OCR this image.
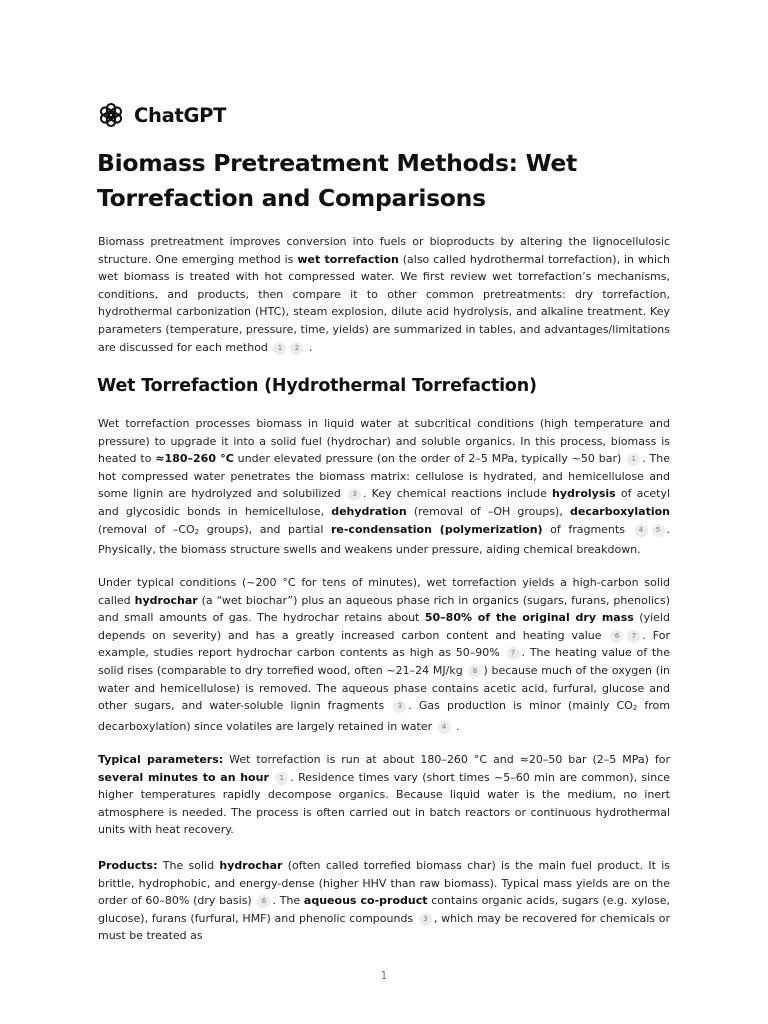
ChatGPT
Biomass Pretreatment Methods: Wet Torrefaction and Comparisons

Biomass pretreatment improves conversion into fuels or bioproducts by altering the lignocellulosic structure. One emerging method is wet torrefaction (also called hydrothermal torrefaction), in which wet biomass is treated with hot compressed water. We first review wet torrefaction’s mechanisms, conditions, and products, then compare it to other common pretreatments: dry torrefaction, hydrothermal carbonization (HTC), steam explosion, dilute acid hydrolysis, and alkaline treatment. Key parameters (temperature, pressure, time, yields) are summarized in tables, and advantages/limitations are discussed for each method 1 2 .

Wet Torrefaction (Hydrothermal Torrefaction)

Wet torrefaction processes biomass in liquid water at subcritical conditions (high temperature and pressure) to upgrade it into a solid fuel (hydrochar) and soluble organics. In this process, biomass is heated to ≈180–260 °C under elevated pressure (on the order of 2–5 MPa, typically ~50 bar) 1 . The hot compressed water penetrates the biomass matrix: cellulose is hydrated, and hemicellulose and some lignin are hydrolyzed and solubilized 3 . Key chemical reactions include hydrolysis of acetyl and glycosidic bonds in hemicellulose, dehydration (removal of –OH groups), decarboxylation (removal of –CO2 groups), and partial re-condensation (polymerization) of fragments 4 5 . Physically, the biomass structure swells and weakens under pressure, aiding chemical breakdown.

Under typical conditions (~200 °C for tens of minutes), wet torrefaction yields a high-carbon solid called hydrochar (a “wet biochar”) plus an aqueous phase rich in organics (sugars, furans, phenolics) and small amounts of gas. The hydrochar retains about 50–80% of the original dry mass (yield depends on severity) and has a greatly increased carbon content and heating value 6 7 . For example, studies report hydrochar carbon contents as high as 50–90% 7 . The heating value of the solid rises (comparable to dry torrefied wood, often ~21–24 MJ/kg 8 ) because much of the oxygen (in water and hemicellulose) is removed. The aqueous phase contains acetic acid, furfural, glucose and other sugars, and water-soluble lignin fragments 3 . Gas production is minor (mainly CO2 from decarboxylation) since volatiles are largely retained in water 4 .

Typical parameters: Wet torrefaction is run at about 180–260 °C and ≈20–50 bar (2–5 MPa) for several minutes to an hour 1 . Residence times vary (short times ~5–60 min are common), since higher temperatures rapidly decompose organics. Because liquid water is the medium, no inert atmosphere is needed. The process is often carried out in batch reactors or continuous hydrothermal units with heat recovery.

Products: The solid hydrochar (often called torrefied biomass char) is the main fuel product. It is brittle, hydrophobic, and energy-dense (higher HHV than raw biomass). Typical mass yields are on the order of 60–80% (dry basis) 6 . The aqueous co-product contains organic acids, sugars (e.g. xylose, glucose), furans (furfural, HMF) and phenolic compounds 3 , which may be recovered for chemicals or must be treated as

1
